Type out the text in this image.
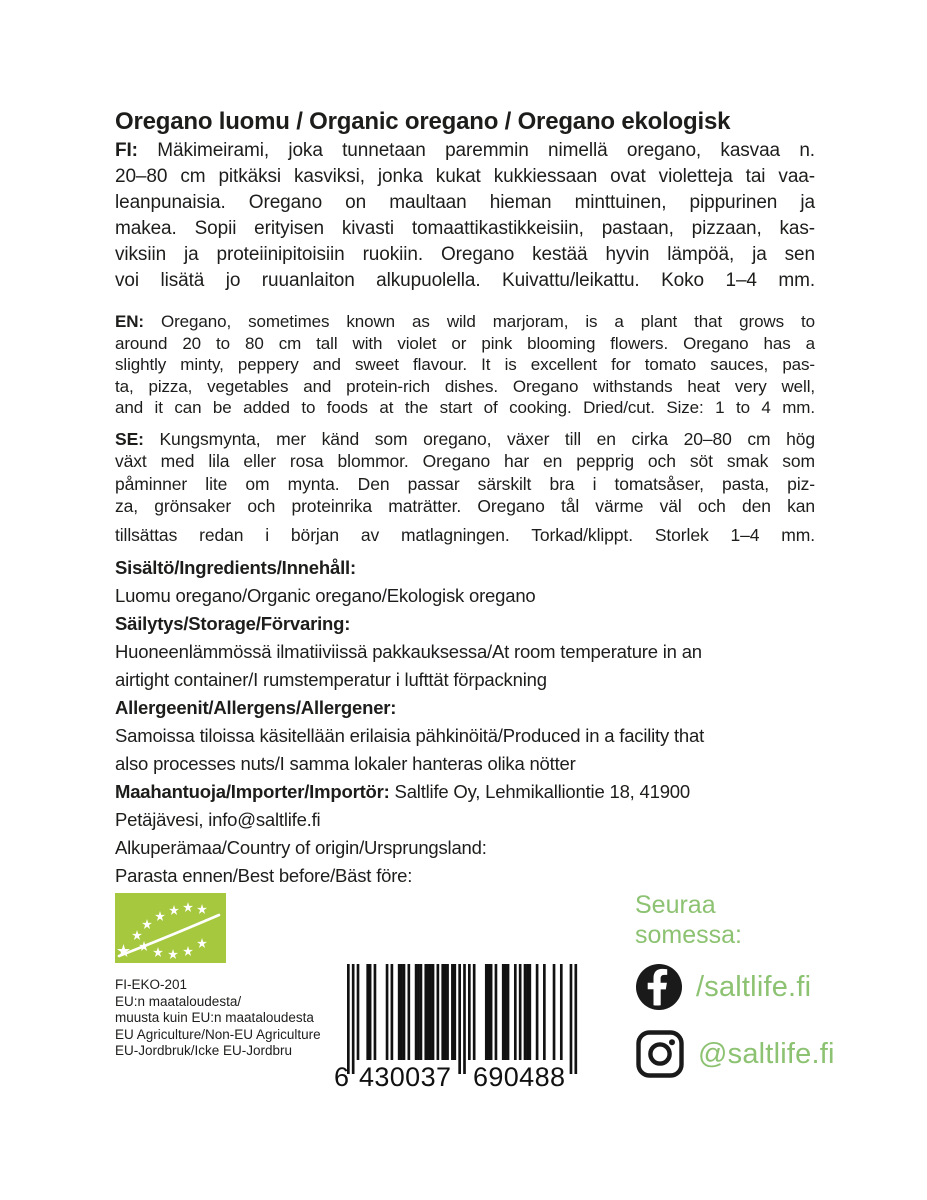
Oregano luomu / Organic oregano / Oregano ekologisk
FI: Mäkimeirami, joka tunnetaan paremmin nimellä oregano, kasvaa n.
20–80 cm pitkäksi kasviksi, jonka kukat kukkiessaan ovat violetteja tai vaa-
leanpunaisia. Oregano on maultaan hieman minttuinen, pippurinen ja
makea. Sopii erityisen kivasti tomaattikastikkeisiin, pastaan, pizzaan, kas-
viksiin ja proteiinipitoisiin ruokiin. Oregano kestää hyvin lämpöä, ja sen
voi lisätä jo ruuanlaiton alkupuolella. Kuivattu/leikattu. Koko 1–4 mm.
EN: Oregano, sometimes known as wild marjoram, is a plant that grows to
around 20 to 80 cm tall with violet or pink blooming flowers. Oregano has a
slightly minty, peppery and sweet flavour. It is excellent for tomato sauces, pas-
ta, pizza, vegetables and protein-rich dishes. Oregano withstands heat very well,
and it can be added to foods at the start of cooking. Dried/cut. Size: 1 to 4 mm.
SE: Kungsmynta, mer känd som oregano, växer till en cirka 20–80 cm hög
växt med lila eller rosa blommor. Oregano har en pepprig och söt smak som
påminner lite om mynta. Den passar särskilt bra i tomatsåser, pasta, piz-
za, grönsaker och proteinrika maträtter. Oregano tål värme väl och den kan
tillsättas redan i början av matlagningen. Torkad/klippt. Storlek 1–4 mm.
Sisältö/Ingredients/Innehåll:
Luomu oregano/Organic oregano/Ekologisk oregano
Säilytys/Storage/Förvaring:
Huoneenlämmössä ilmatiiviissä pakkauksessa/At room temperature in an
airtight container/I rumstemperatur i lufttät förpackning
Allergeenit/Allergens/Allergener:
Samoissa tiloissa käsitellään erilaisia pähkinöitä/Produced in a facility that
also processes nuts/I samma lokaler hanteras olika nötter
Maahantuoja/Importer/Importör: Saltlife Oy, Lehmikalliontie 18, 41900
Petäjävesi, info@saltlife.fi
Alkuperämaa/Country of origin/Ursprungsland:
Parasta ennen/Best before/Bäst före:
FI-EKO-201
EU:n maataloudesta/
muusta kuin EU:n maataloudesta
EU Agriculture/Non-EU Agriculture
EU-Jordbruk/Icke EU-Jordbru
6 430037 690488
Seuraa somessa:
/saltlife.fi
@saltlife.fi
